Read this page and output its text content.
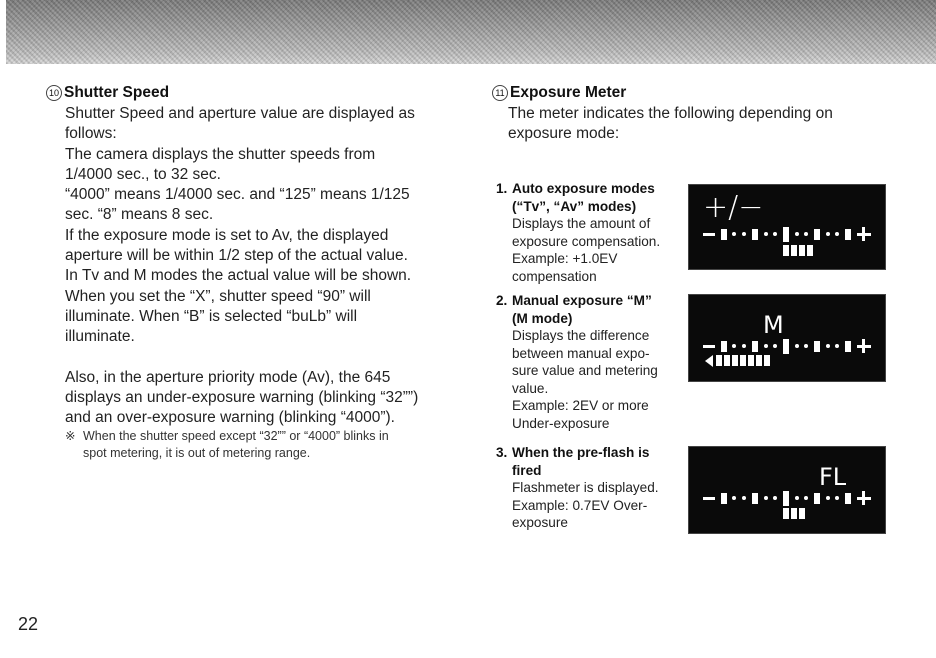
10 Shutter Speed
Shutter Speed and aperture value are displayed as
follows:
The camera displays the shutter speeds from
1/4000 sec., to 32 sec.
“4000” means 1/4000 sec. and “125” means 1/125
sec. “8” means 8 sec.
If the exposure mode is set to Av, the displayed
aperture will be within 1/2 step of the actual value.
In Tv and M modes the actual value will be shown.
When you set the “X”, shutter speed “90” will
illuminate. When “B” is selected “buLb” will
illuminate.
Also, in the aperture priority mode (Av), the 645
displays an under-exposure warning (blinking “32””)
and an over-exposure warning (blinking “4000”).
※ When the shutter speed except “32”” or “4000” blinks in
spot metering, it is out of metering range.
11 Exposure Meter
The meter indicates the following depending on
exposure mode:
1. Auto exposure modes
(“Tv”, “Av” modes)
Displays the amount of
exposure compensation.
Example: +1.0EV
compensation
2. Manual exposure “M”
(M mode)
Displays the difference
between manual expo-
sure value and metering
value.
Example: 2EV or more
Under-exposure
3. When the pre-flash is
fired
Flashmeter is displayed.
Example: 0.7EV Over-
exposure
+/−
M
FL
22
